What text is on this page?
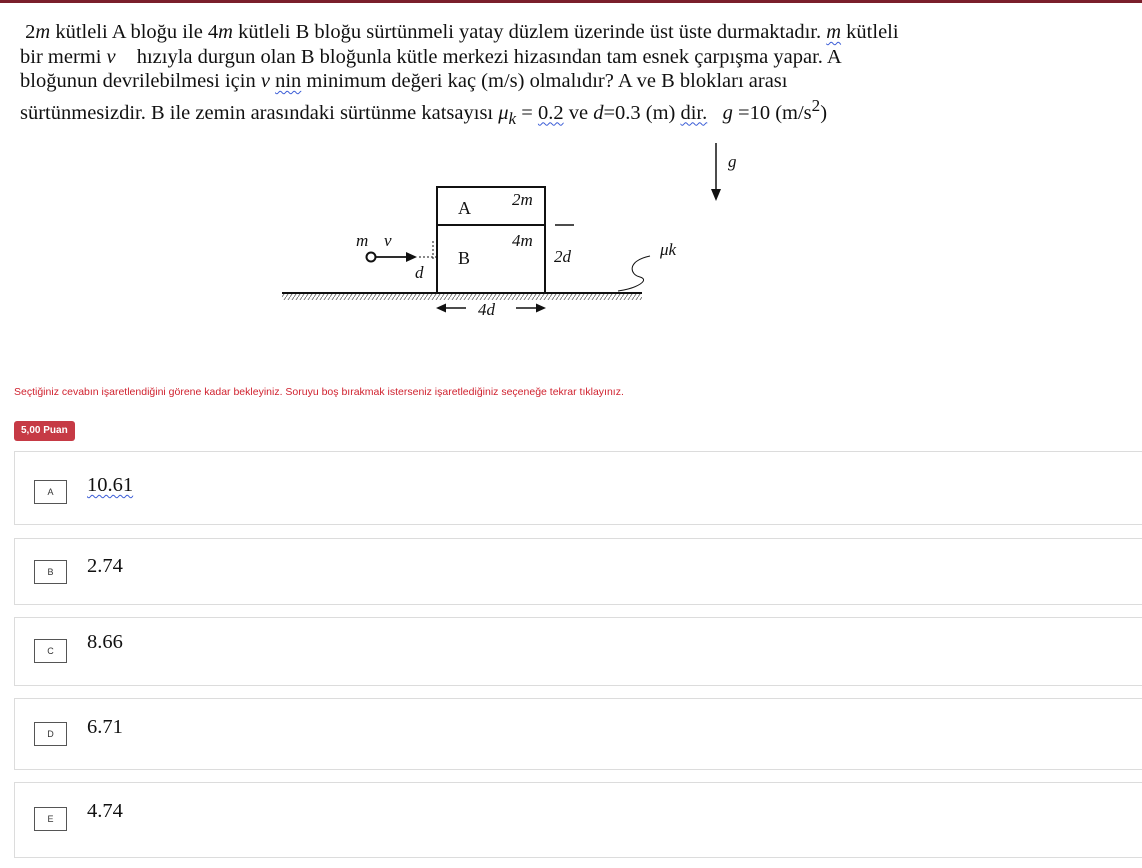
2m kütleli A bloğu ile 4m kütleli B bloğu sürtünmeli yatay düzlem üzerinde üst üste durmaktadır. m kütleli

bir mermi v⃗ hızıyla durgun olan B bloğunla kütle merkezi hizasından tam esnek çarpışma yapar. A

bloğunun devrilebilmesi için v nin minimum değeri kaç (m/s) olmalıdır? A ve B blokları arası

sürtünmesizdir. B ile zemin arasındaki sürtünme katsayısı $\mu_k = 0.2$ ve d=0.3 (m) dir. g =10 $(m/s^2)$

A 2m
B
4m
2d
m v⃗
d
4d
μk
g⃗
Seçtiğiniz cevabın işaretlendiğini görene kadar bekleyiniz. Soruyu boş bırakmak isterseniz işaretlediğiniz seçeneğe tekrar tıklayınız.
5,00 Puan
A	10.61
B	2.74
C	8.66
D	6.71
E	4.74
